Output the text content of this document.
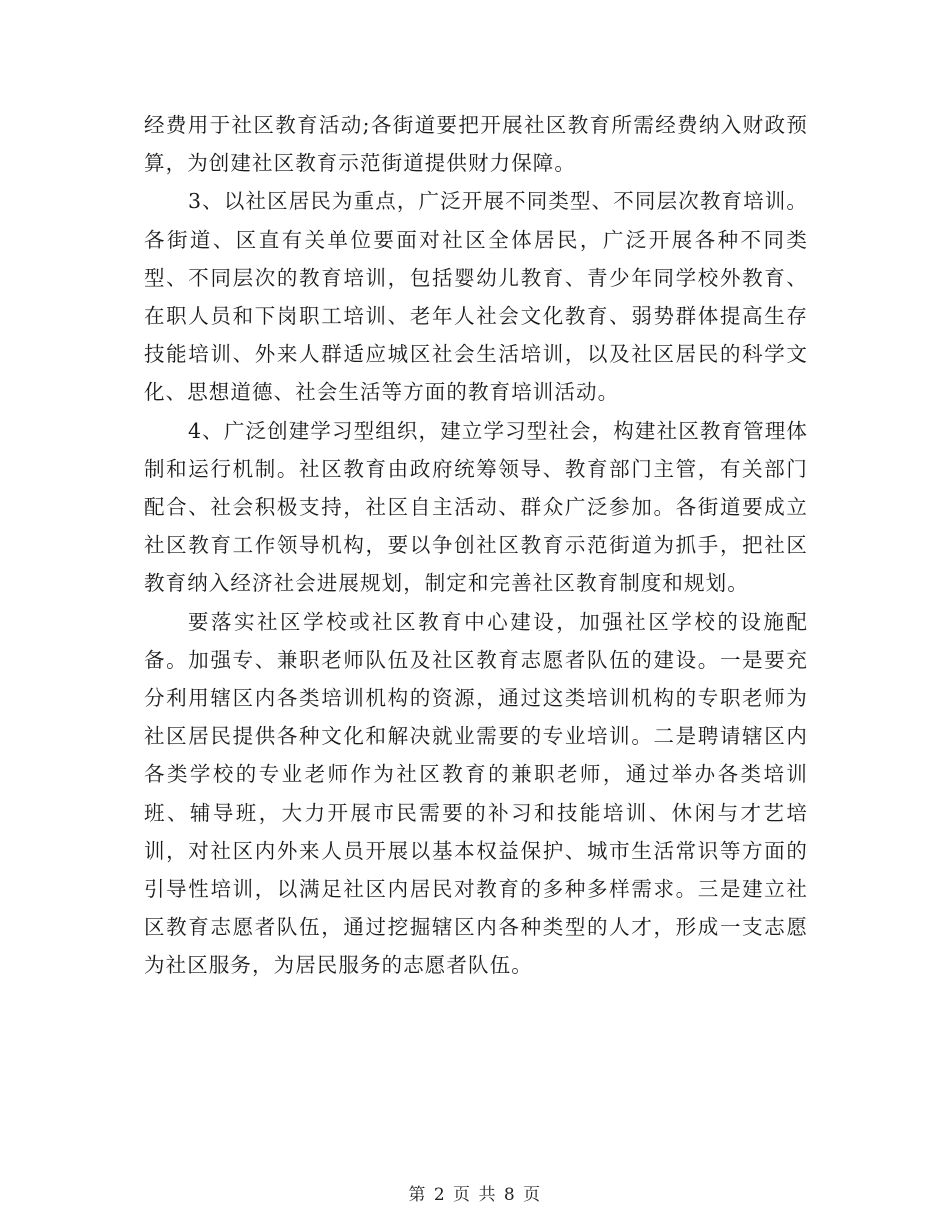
经费用于社区教育活动;各街道要把开展社区教育所需经费纳入财政预算，为创建社区教育示范街道提供财力保障。

3、以社区居民为重点，广泛开展不同类型、不同层次教育培训。各街道、区直有关单位要面对社区全体居民，广泛开展各种不同类型、不同层次的教育培训，包括婴幼儿教育、青少年同学校外教育、在职人员和下岗职工培训、老年人社会文化教育、弱势群体提高生存技能培训、外来人群适应城区社会生活培训，以及社区居民的科学文化、思想道德、社会生活等方面的教育培训活动。

4、广泛创建学习型组织，建立学习型社会，构建社区教育管理体制和运行机制。社区教育由政府统筹领导、教育部门主管，有关部门配合、社会积极支持，社区自主活动、群众广泛参加。各街道要成立社区教育工作领导机构，要以争创社区教育示范街道为抓手，把社区教育纳入经济社会进展规划，制定和完善社区教育制度和规划。

要落实社区学校或社区教育中心建设，加强社区学校的设施配备。加强专、兼职老师队伍及社区教育志愿者队伍的建设。一是要充分利用辖区内各类培训机构的资源，通过这类培训机构的专职老师为社区居民提供各种文化和解决就业需要的专业培训。二是聘请辖区内各类学校的专业老师作为社区教育的兼职老师，通过举办各类培训班、辅导班，大力开展市民需要的补习和技能培训、休闲与才艺培训，对社区内外来人员开展以基本权益保护、城市生活常识等方面的引导性培训，以满足社区内居民对教育的多种多样需求。三是建立社区教育志愿者队伍，通过挖掘辖区内各种类型的人才，形成一支志愿为社区服务，为居民服务的志愿者队伍。

第 2 页 共 8 页
